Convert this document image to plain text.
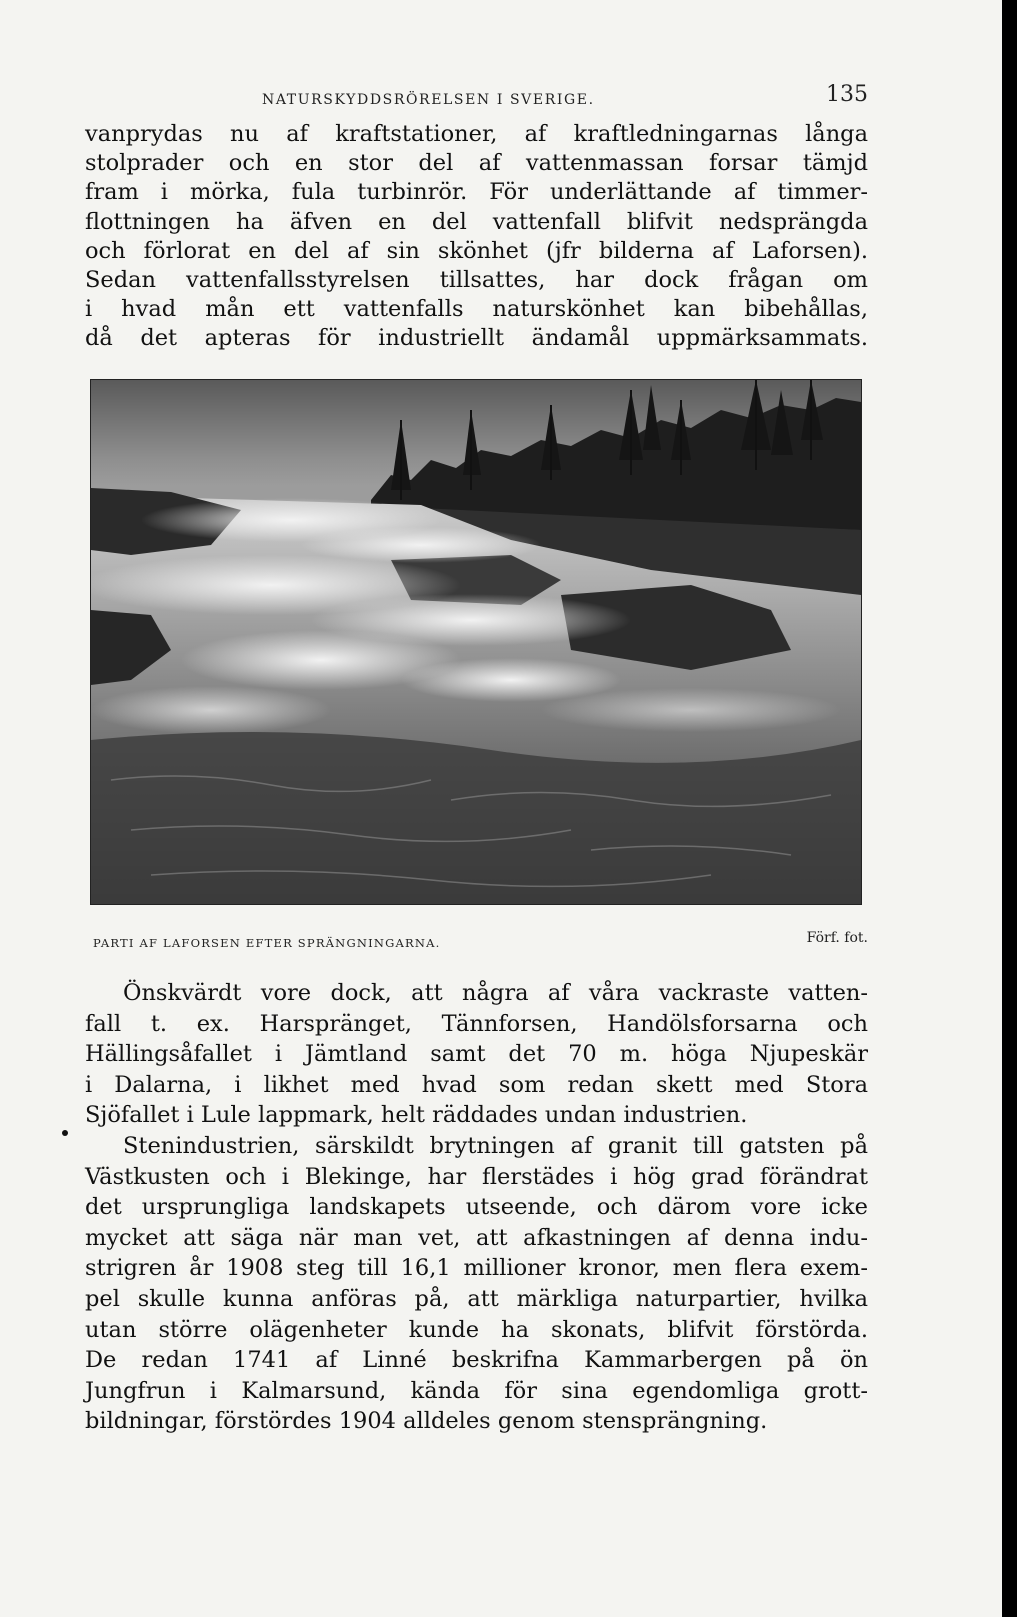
NATURSKYDDSRÖRELSEN I SVERIGE.	135
vanprydas nu af kraftstationer, af kraftledningarnas långa
stolprader och en stor del af vattenmassan forsar tämjd
fram i mörka, fula turbinrör. För underlättande af timmer-
flottningen ha äfven en del vattenfall blifvit nedsprängda
och förlorat en del af sin skönhet (jfr bilderna af Laforsen).
Sedan vattenfallsstyrelsen tillsattes, har dock frågan om
i hvad mån ett vattenfalls naturskönhet kan bibehållas,
då det apteras för industriellt ändamål uppmärksammats.
PARTI AF LAFORSEN EFTER SPRÄNGNINGARNA.	Förf. fot.
Önskvärdt vore dock, att några af våra vackraste vatten-
fall t. ex. Harspränget, Tännforsen, Handölsforsarna och
Hällingsåfallet i Jämtland samt det 70 m. höga Njupeskär
i Dalarna, i likhet med hvad som redan skett med Stora
Sjöfallet i Lule lappmark, helt räddades undan industrien.
Stenindustrien, särskildt brytningen af granit till gatsten på
Västkusten och i Blekinge, har flerstädes i hög grad förändrat
det ursprungliga landskapets utseende, och därom vore icke
mycket att säga när man vet, att afkastningen af denna indu-
strigren år 1908 steg till 16,1 millioner kronor, men flera exem-
pel skulle kunna anföras på, att märkliga naturpartier, hvilka
utan större olägenheter kunde ha skonats, blifvit förstörda.
De redan 1741 af Linné beskrifna Kammarbergen på ön
Jungfrun i Kalmarsund, kända för sina egendomliga grott-
bildningar, förstördes 1904 alldeles genom stensprängning.
